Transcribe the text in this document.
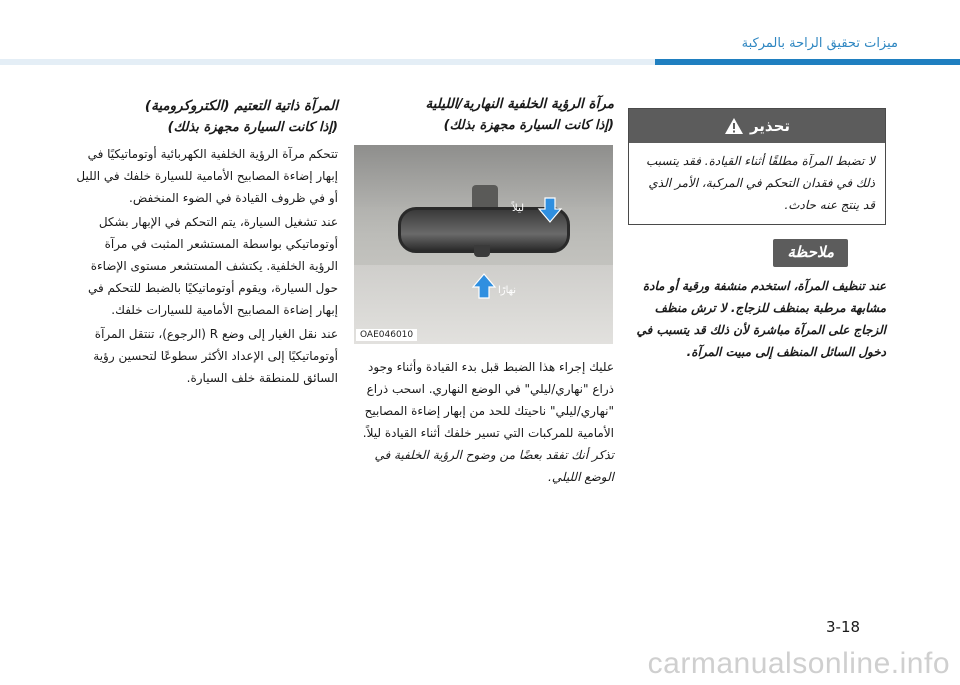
ميزات تحقيق الراحة بالمركبة
تحذير
لا تضبط المرآة مطلقًا أثناء القيادة. فقد يتسبب ذلك في فقدان التحكم في المركبة، الأمر الذي قد ينتج عنه حادث.
ملاحظة
عند تنظيف المرآة، استخدم منشفة ورقية أو مادة مشابهة مرطبة بمنظف للزجاج. لا ترش منظف الزجاج على المرآة مباشرة لأن ذلك قد يتسبب في دخول السائل المنظف إلى مبيت المرآة.
مرآة الرؤية الخلفية النهارية/الليلية
(إذا كانت السيارة مجهزة بذلك)
ليلاً
نهارًا
OAE046010
عليك إجراء هذا الضبط قبل بدء القيادة وأثناء وجود ذراع "نهاري/ليلي" في الوضع النهاري. اسحب ذراع "نهاري/ليلي" ناحيتك للحد من إبهار إضاءة المصابيح الأمامية للمركبات التي تسير خلفك أثناء القيادة ليلاً.
تذكر أنك تفقد بعضًا من وضوح الرؤية الخلفية في الوضع الليلي.
المرآة ذاتية التعتيم (الكتروكرومية)
(إذا كانت السيارة مجهزة بذلك)
تتحكم مرآة الرؤية الخلفية الكهربائية أوتوماتيكيًا في إبهار إضاءة المصابيح الأمامية للسيارة خلفك في الليل أو في ظروف القيادة في الضوء المنخفض.
عند تشغيل السيارة، يتم التحكم في الإبهار بشكل أوتوماتيكي بواسطة المستشعر المثبت في مرآة الرؤية الخلفية. يكتشف المستشعر مستوى الإضاءة حول السيارة، ويقوم أوتوماتيكيًا بالضبط للتحكم في إبهار إضاءة المصابيح الأمامية للسيارات خلفك.
عند نقل الغيار إلى وضع R (الرجوع)، تنتقل المرآة أوتوماتيكيًا إلى الإعداد الأكثر سطوعًا لتحسين رؤية السائق للمنطقة خلف السيارة.
3-18
carmanualsonline.info
